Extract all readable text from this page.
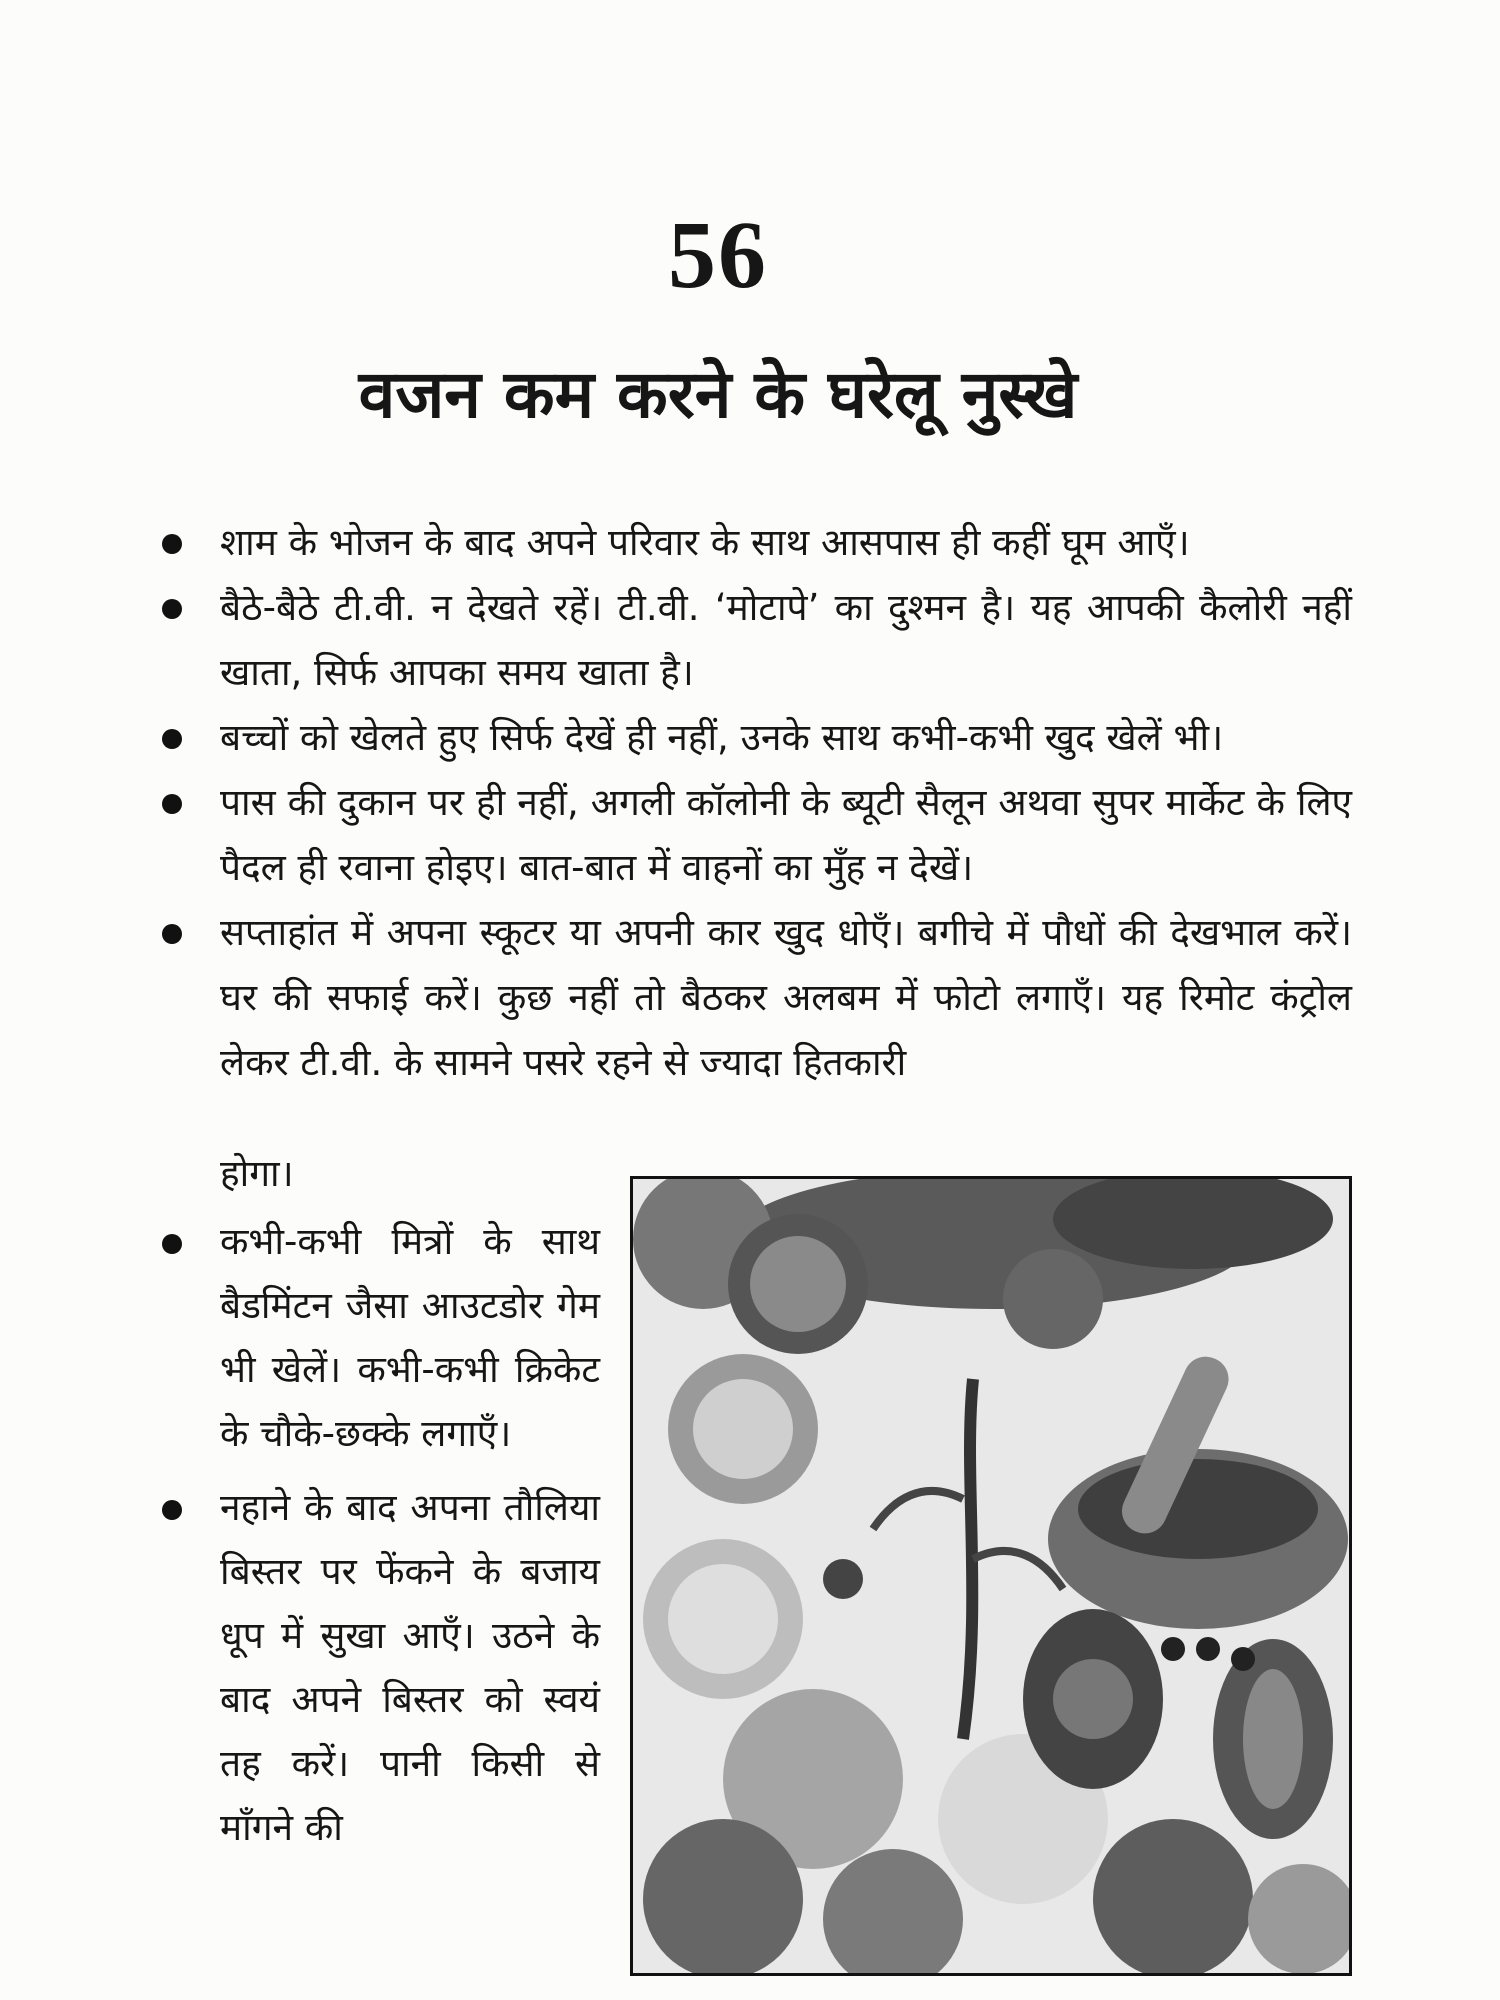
56
वजन कम करने के घरेलू नुस्खे
शाम के भोजन के बाद अपने परिवार के साथ आसपास ही कहीं घूम आएँ।
बैठे-बैठे टी.वी. न देखते रहें। टी.वी. ‘मोटापे’ का दुश्मन है। यह आपकी कैलोरी नहीं खाता, सिर्फ आपका समय खाता है।
बच्चों को खेलते हुए सिर्फ देखें ही नहीं, उनके साथ कभी-कभी खुद खेलें भी।
पास की दुकान पर ही नहीं, अगली कॉलोनी के ब्यूटी सैलून अथवा सुपर मार्केट के लिए पैदल ही रवाना होइए। बात-बात में वाहनों का मुँह न देखें।
सप्ताहांत में अपना स्कूटर या अपनी कार खुद धोएँ। बगीचे में पौधों की देखभाल करें। घर की सफाई करें। कुछ नहीं तो बैठकर अलबम में फोटो लगाएँ। यह रिमोट कंट्रोल लेकर टी.वी. के सामने पसरे रहने से ज्यादा हितकारी
होगा।
कभी-कभी मित्रों के साथ बैडमिंटन जैसा आउटडोर गेम भी खेलें। कभी-कभी क्रिकेट के चौके-छक्के लगाएँ।
नहाने के बाद अपना तौलिया बिस्तर पर फेंकने के बजाय धूप में सुखा आएँ। उठने के बाद अपने बिस्तर को स्वयं तह करें। पानी किसी से माँगने की
